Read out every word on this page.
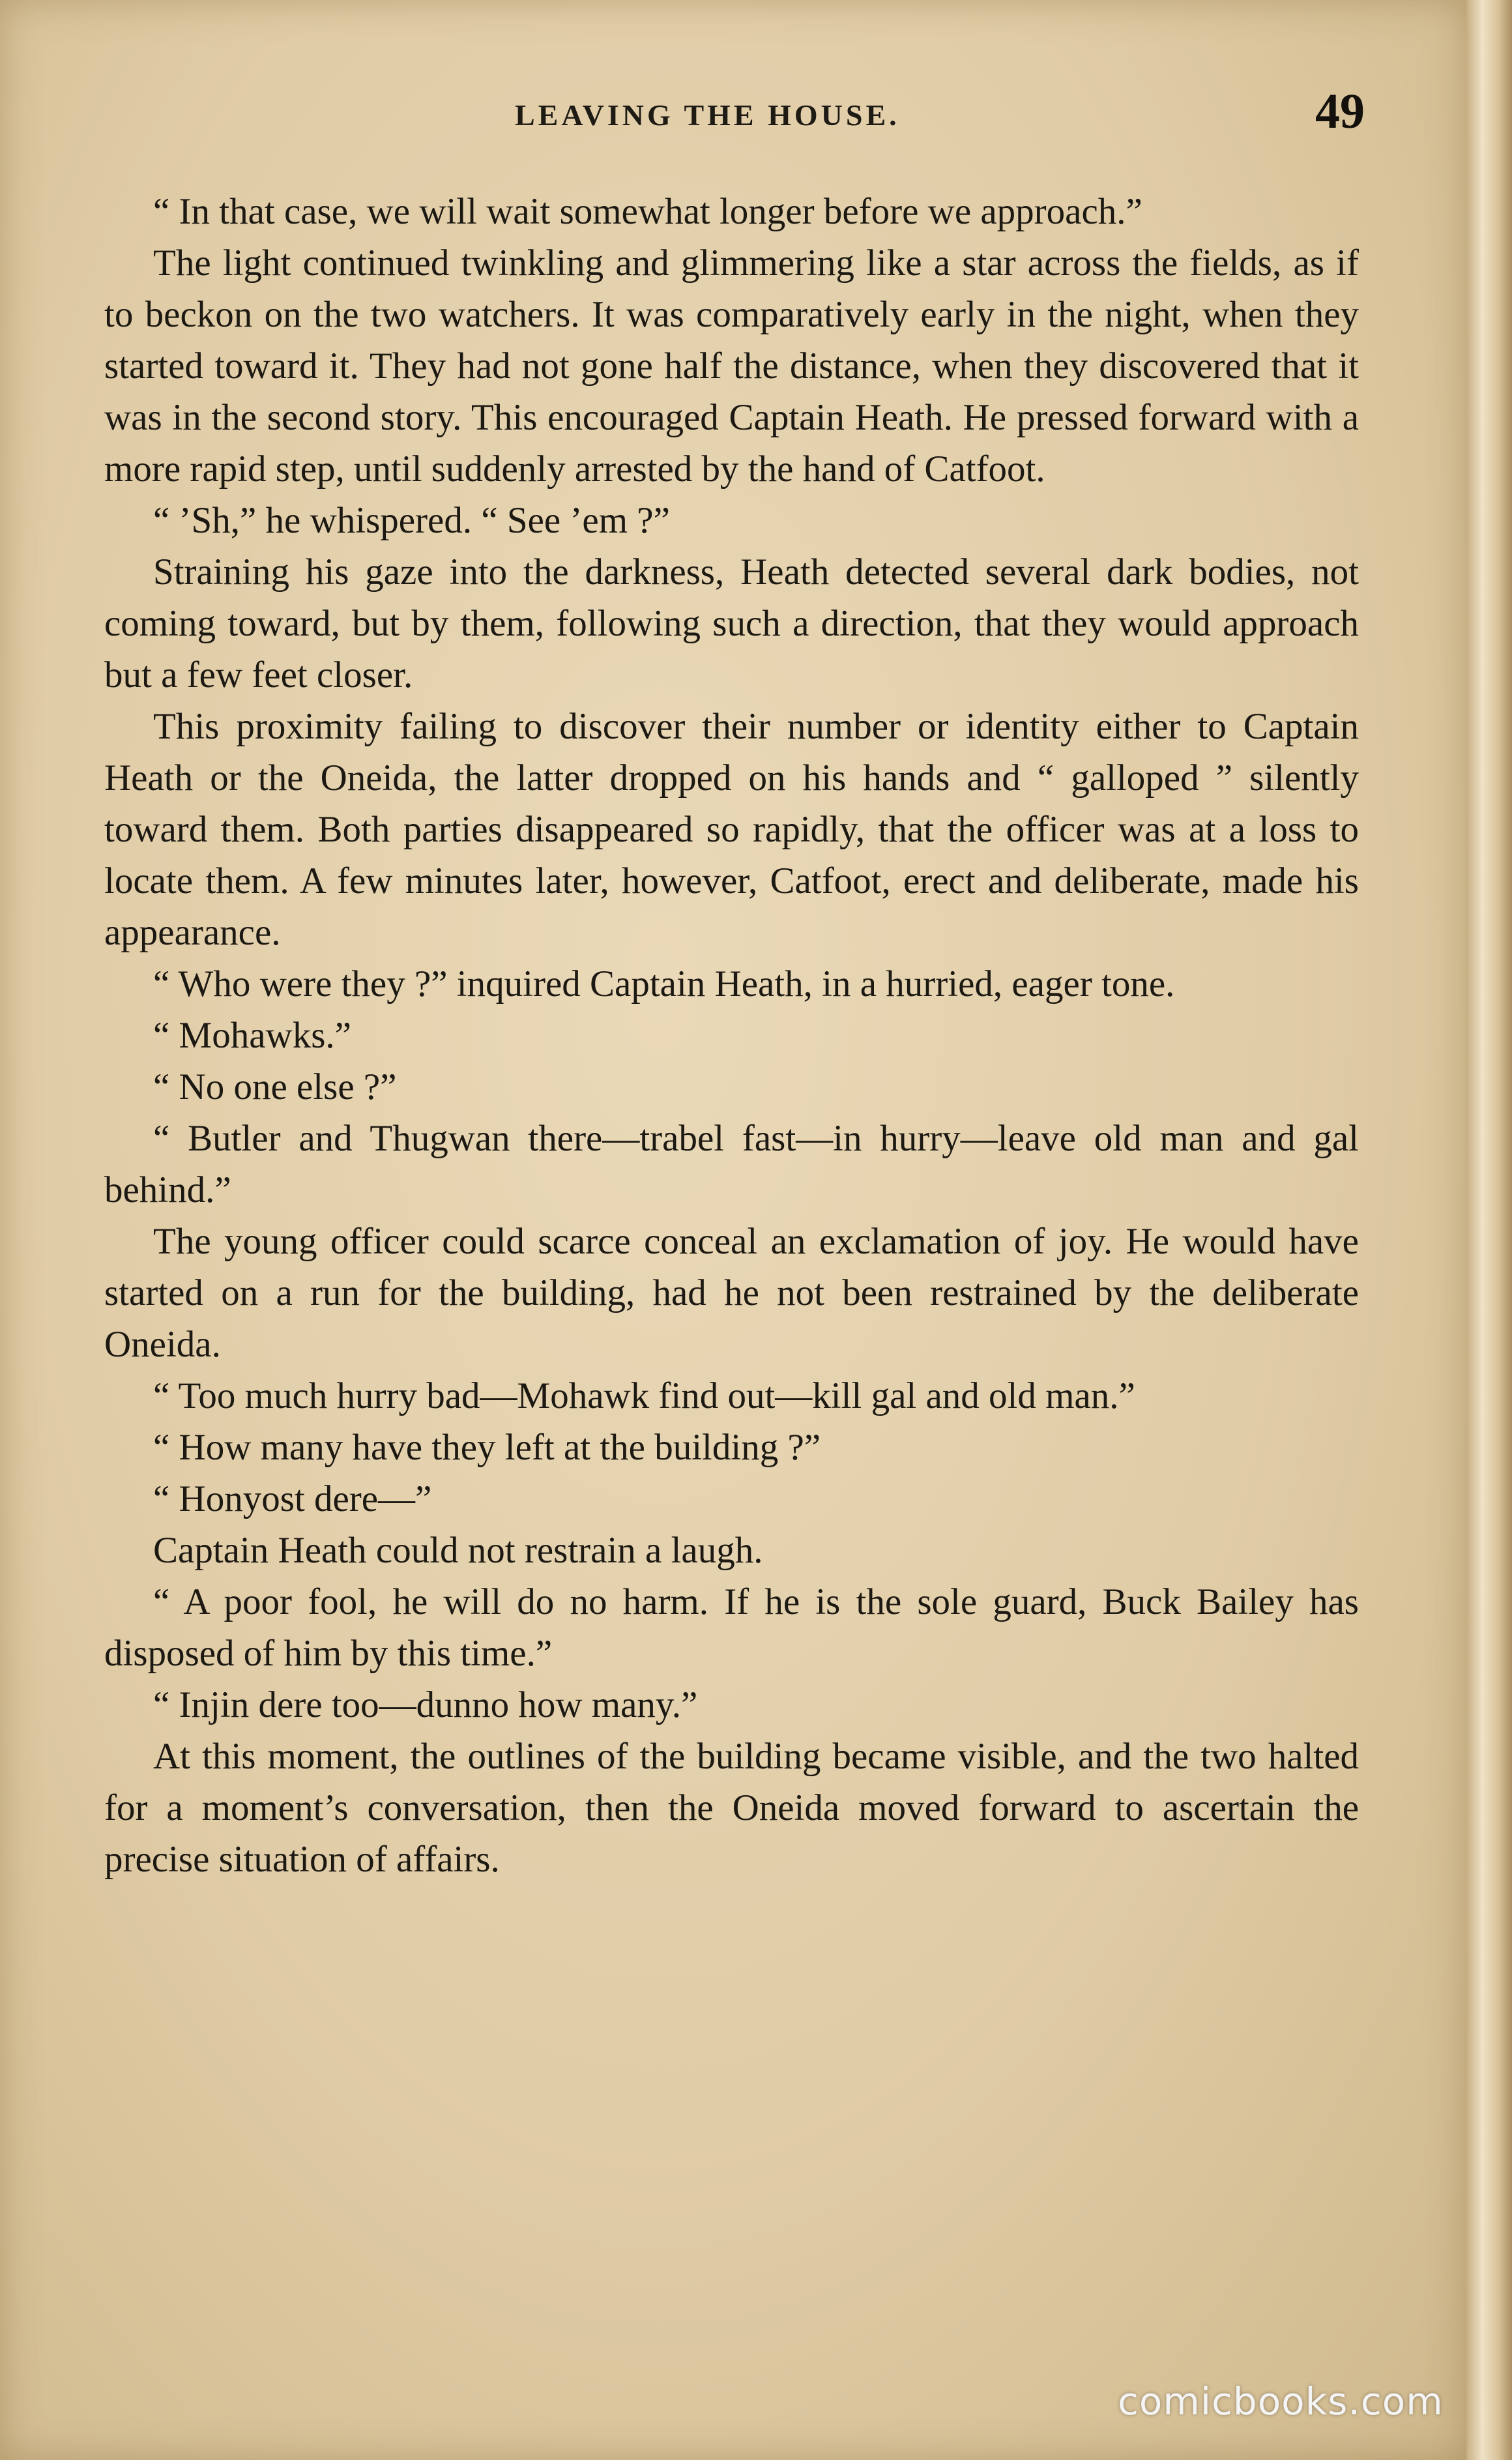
LEAVING THE HOUSE.	49

“ In that case, we will wait somewhat longer before we approach.”

The light continued twinkling and glimmering like a star across the fields, as if to beckon on the two watchers. It was comparatively early in the night, when they started toward it. They had not gone half the distance, when they discovered that it was in the second story. This encouraged Captain Heath. He pressed forward with a more rapid step, until suddenly arrested by the hand of Catfoot.

“ ’Sh,” he whispered. “ See ’em ?”

Straining his gaze into the darkness, Heath detected several dark bodies, not coming toward, but by them, following such a direction, that they would approach but a few feet closer.

This proximity failing to discover their number or identity either to Captain Heath or the Oneida, the latter dropped on his hands and “ galloped ” silently toward them. Both parties disappeared so rapidly, that the officer was at a loss to locate them. A few minutes later, however, Catfoot, erect and deliberate, made his appearance.

“ Who were they ?” inquired Captain Heath, in a hurried, eager tone.

“ Mohawks.”

“ No one else ?”

“ Butler and Thugwan there—trabel fast—in hurry—leave old man and gal behind.”

The young officer could scarce conceal an exclamation of joy. He would have started on a run for the building, had he not been restrained by the deliberate Oneida.

“ Too much hurry bad—Mohawk find out—kill gal and old man.”

“ How many have they left at the building ?”

“ Honyost dere—”

Captain Heath could not restrain a laugh.

“ A poor fool, he will do no harm. If he is the sole guard, Buck Bailey has disposed of him by this time.”

“ Injin dere too—dunno how many.”

At this moment, the outlines of the building became visible, and the two halted for a moment’s conversation, then the Oneida moved forward to ascertain the precise situation of affairs.

comicbooks.com
